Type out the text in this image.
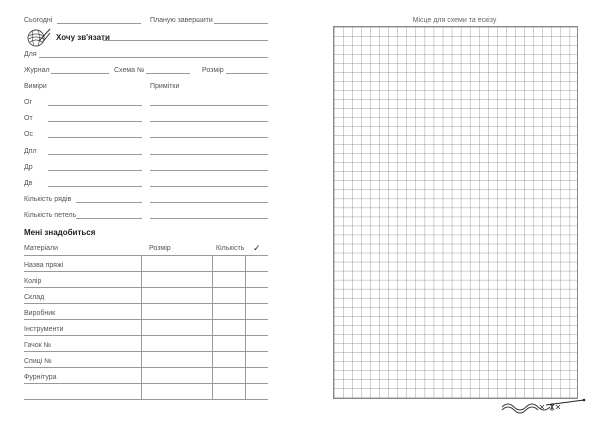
Сьогодні	Планую завершити
Хочу зв'язати
Для
Журнал	Схема №	Розмір
Виміри	Примітки
Ог
От
Ос
Дпл
Др
Дв
Кількість рядів
Кількість петель
Мені знадобиться
Матеріали	Розмір	Кількість ✓
Назва пряжі
Колір
Склад
Виробник
Інструменти
Гачок №
Спиці №
Фурнітура
Місце для схеми та ескізу
